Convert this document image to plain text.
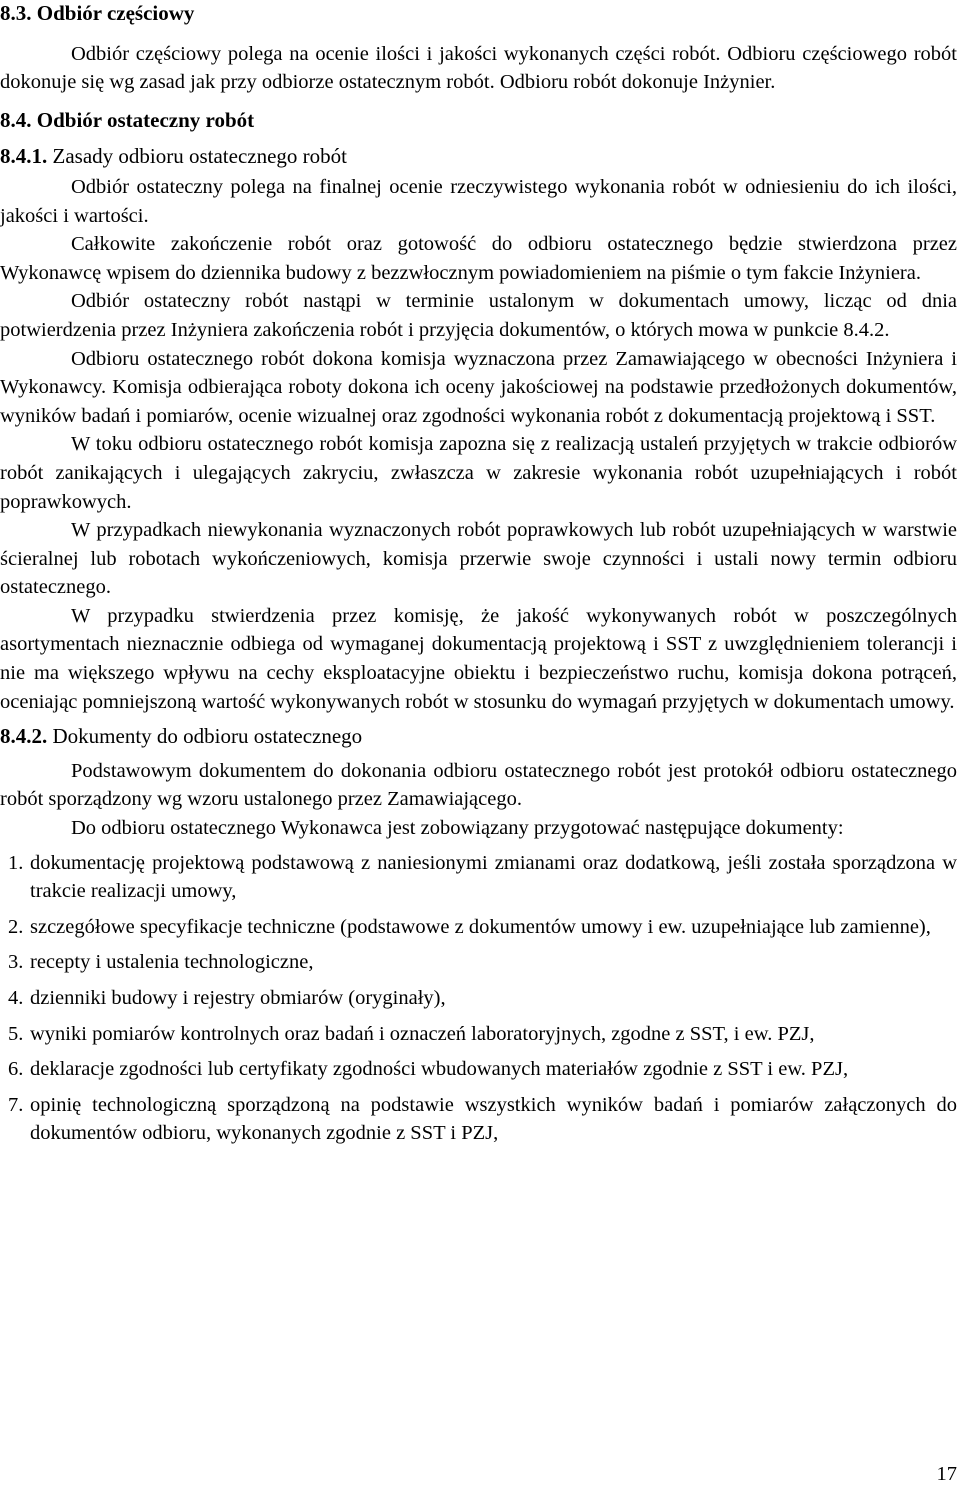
8.3. Odbiór częściowy

Odbiór częściowy polega na ocenie ilości i jakości wykonanych części robót. Odbioru częściowego robót dokonuje się wg zasad jak przy odbiorze ostatecznym robót. Odbioru robót dokonuje Inżynier.

8.4. Odbiór ostateczny robót
8.4.1. Zasady odbioru ostatecznego robót

Odbiór ostateczny polega na finalnej ocenie rzeczywistego wykonania robót w odniesieniu do ich ilości, jakości i wartości.

Całkowite zakończenie robót oraz gotowość do odbioru ostatecznego będzie stwierdzona przez Wykonawcę wpisem do dziennika budowy z bezzwłocznym powiadomieniem na piśmie o tym fakcie Inżyniera.

Odbiór ostateczny robót nastąpi w terminie ustalonym w dokumentach umowy, licząc od dnia potwierdzenia przez Inżyniera zakończenia robót i przyjęcia dokumentów, o których mowa w punkcie 8.4.2.

Odbioru ostatecznego robót dokona komisja wyznaczona przez Zamawiającego w obecności Inżyniera i Wykonawcy. Komisja odbierająca roboty dokona ich oceny jakościowej na podstawie przedłożonych dokumentów, wyników badań i pomiarów, ocenie wizualnej oraz zgodności wykonania robót z dokumentacją projektową i SST.

W toku odbioru ostatecznego robót komisja zapozna się z realizacją ustaleń przyjętych w trakcie odbiorów robót zanikających i ulegających zakryciu, zwłaszcza w zakresie wykonania robót uzupełniających i robót poprawkowych.

W przypadkach niewykonania wyznaczonych robót poprawkowych lub robót uzupełniających w warstwie ścieralnej lub robotach wykończeniowych, komisja przerwie swoje czynności i ustali nowy termin odbioru ostatecznego.

W przypadku stwierdzenia przez komisję, że jakość wykonywanych robót w poszczególnych asortymentach nieznacznie odbiega od wymaganej dokumentacją projektową i SST z uwzględnieniem tolerancji i nie ma większego wpływu na cechy eksploatacyjne obiektu i bezpieczeństwo ruchu, komisja dokona potrąceń, oceniając pomniejszoną wartość wykonywanych robót w stosunku do wymagań przyjętych w dokumentach umowy.

8.4.2. Dokumenty do odbioru ostatecznego

Podstawowym dokumentem do dokonania odbioru ostatecznego robót jest protokół odbioru ostatecznego robót sporządzony wg wzoru ustalonego przez Zamawiającego.

Do odbioru ostatecznego Wykonawca jest zobowiązany przygotować następujące dokumenty:

1. dokumentację projektową podstawową z naniesionymi zmianami oraz dodatkową, jeśli została sporządzona w trakcie realizacji umowy,
2. szczegółowe specyfikacje techniczne (podstawowe z dokumentów umowy i ew. uzupełniające lub zamienne),
3. recepty i ustalenia technologiczne,
4. dzienniki budowy i rejestry obmiarów (oryginały),
5. wyniki pomiarów kontrolnych oraz badań i oznaczeń laboratoryjnych, zgodne z SST, i ew. PZJ,
6. deklaracje zgodności lub certyfikaty zgodności wbudowanych materiałów zgodnie z SST i ew. PZJ,
7. opinię technologiczną sporządzoną na podstawie wszystkich wyników badań i pomiarów załączonych do dokumentów odbioru, wykonanych zgodnie z SST i PZJ,
17
